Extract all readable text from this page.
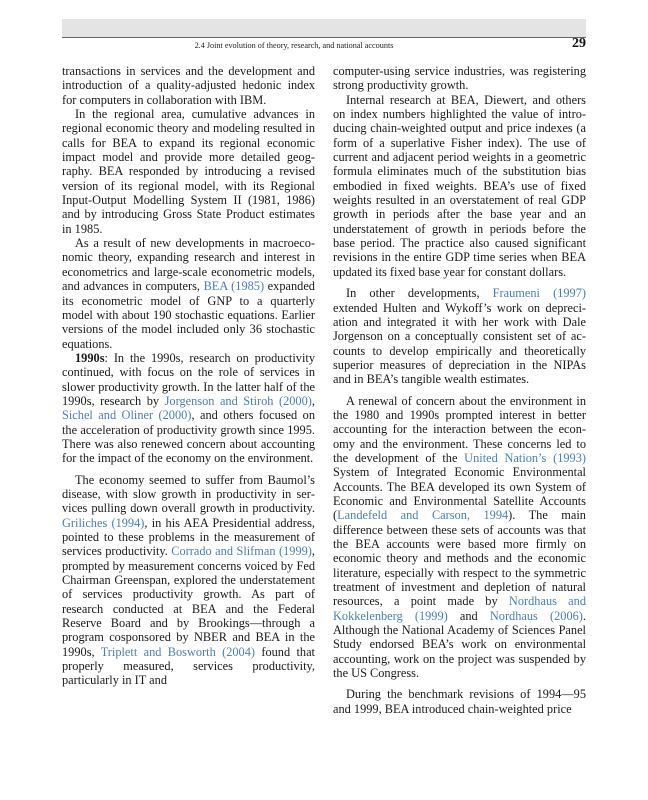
2.4 Joint evolution of theory, research, and national accounts	29

transactions in services and the development and introduction of a quality-adjusted hedonic index for computers in collaboration with IBM.

In the regional area, cumulative advances in regional economic theory and modeling resulted in calls for BEA to expand its regional economic impact model and provide more detailed geography. BEA responded by introducing a revised version of its regional model, with its Regional Input-Output Modelling System II (1981, 1986) and by introducing Gross State Product estimates in 1985.

As a result of new developments in macroeconomic theory, expanding research and interest in econometrics and large-scale econometric models, and advances in computers, BEA (1985) expanded its econometric model of GNP to a quarterly model with about 190 stochastic equations. Earlier versions of the model included only 36 stochastic equations.

1990s: In the 1990s, research on productivity continued, with focus on the role of services in slower productivity growth. In the latter half of the 1990s, research by Jorgenson and Stiroh (2000), Sichel and Oliner (2000), and others focused on the acceleration of productivity growth since 1995. There was also renewed concern about accounting for the impact of the economy on the environment.

The economy seemed to suffer from Baumol’s disease, with slow growth in productivity in services pulling down overall growth in productivity. Griliches (1994), in his AEA Presidential address, pointed to these problems in the measurement of services productivity. Corrado and Slifman (1999), prompted by measurement concerns voiced by Fed Chairman Greenspan, explored the understatement of services productivity growth. As part of research conducted at BEA and the Federal Reserve Board and by Brookings—through a program cosponsored by NBER and BEA in the 1990s, Triplett and Bosworth (2004) found that properly measured, services productivity, particularly in IT and

computer-using service industries, was registering strong productivity growth.

Internal research at BEA, Diewert, and others on index numbers highlighted the value of introducing chain-weighted output and price indexes (a form of a superlative Fisher index). The use of current and adjacent period weights in a geometric formula eliminates much of the substitution bias embodied in fixed weights. BEA’s use of fixed weights resulted in an overstatement of real GDP growth in periods after the base year and an understatement of growth in periods before the base period. The practice also caused significant revisions in the entire GDP time series when BEA updated its fixed base year for constant dollars.

In other developments, Fraumeni (1997) extended Hulten and Wykoff’s work on depreciation and integrated it with her work with Dale Jorgenson on a conceptually consistent set of accounts to develop empirically and theoretically superior measures of depreciation in the NIPAs and in BEA’s tangible wealth estimates.

A renewal of concern about the environment in the 1980 and 1990s prompted interest in better accounting for the interaction between the economy and the environment. These concerns led to the development of the United Nation’s (1993) System of Integrated Economic Environmental Accounts. The BEA developed its own System of Economic and Environmental Satellite Accounts (Landefeld and Carson, 1994). The main difference between these sets of accounts was that the BEA accounts were based more firmly on economic theory and methods and the economic literature, especially with respect to the symmetric treatment of investment and depletion of natural resources, a point made by Nordhaus and Kokkelenberg (1999) and Nordhaus (2006). Although the National Academy of Sciences Panel Study endorsed BEA’s work on environmental accounting, work on the project was suspended by the US Congress.

During the benchmark revisions of 1994—95 and 1999, BEA introduced chain-weighted price
